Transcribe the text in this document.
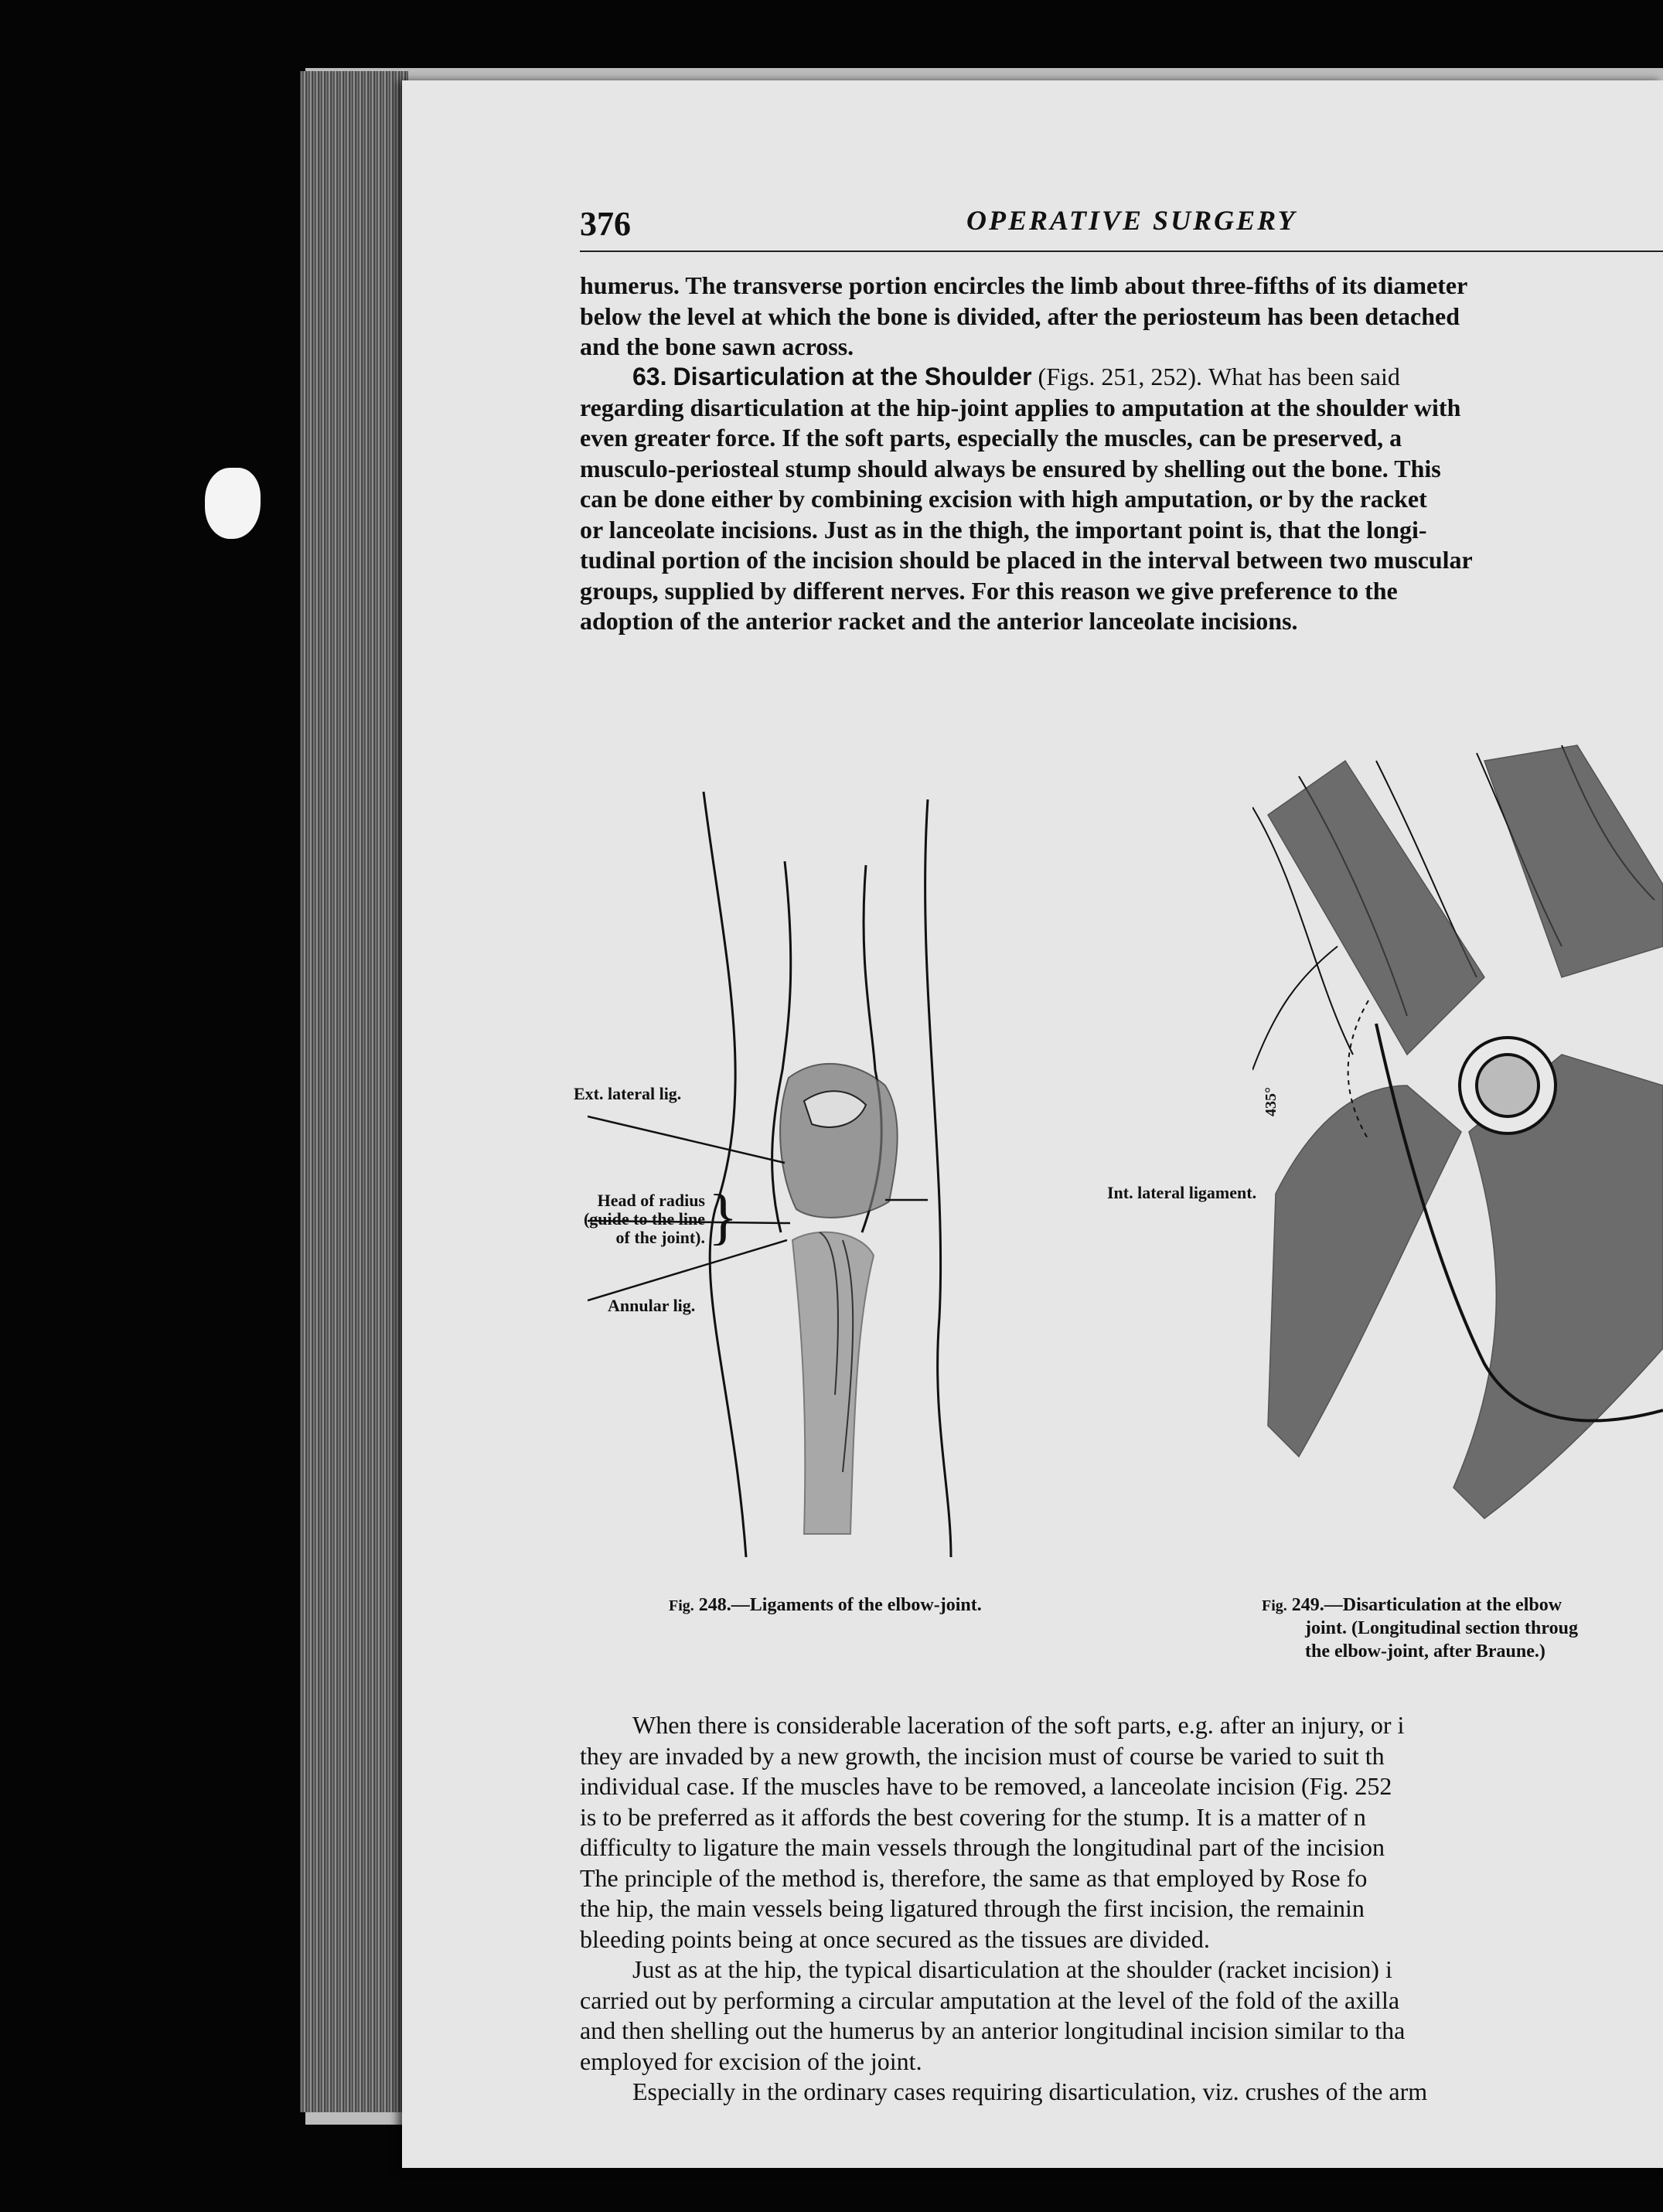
376	OPERATIVE SURGERY
humerus. The transverse portion encircles the limb about three-fifths of its diameter
below the level at which the bone is divided, after the periosteum has been detached
and the bone sawn across.
63. Disarticulation at the Shoulder (Figs. 251, 252). What has been said
regarding disarticulation at the hip-joint applies to amputation at the shoulder with
even greater force. If the soft parts, especially the muscles, can be preserved, a
musculo-periosteal stump should always be ensured by shelling out the bone. This
can be done either by combining excision with high amputation, or by the racket
or lanceolate incisions. Just as in the thigh, the important point is, that the longi-
tudinal portion of the incision should be placed in the interval between two muscular
groups, supplied by different nerves. For this reason we give preference to the
adoption of the anterior racket and the anterior lanceolate incisions.
Ext. lateral lig.
Head of radius
(guide to the line
of the joint). }
Annular lig.
Int. lateral ligament.
Fig. 248.—Ligaments of the elbow-joint.
435°
Fig. 249.—Disarticulation at the elbow
joint. (Longitudinal section throug
the elbow-joint, after Braune.)
When there is considerable laceration of the soft parts, e.g. after an injury, or i
they are invaded by a new growth, the incision must of course be varied to suit th
individual case. If the muscles have to be removed, a lanceolate incision (Fig. 252
is to be preferred as it affords the best covering for the stump. It is a matter of n
difficulty to ligature the main vessels through the longitudinal part of the incision
The principle of the method is, therefore, the same as that employed by Rose fo
the hip, the main vessels being ligatured through the first incision, the remainin
bleeding points being at once secured as the tissues are divided.
Just as at the hip, the typical disarticulation at the shoulder (racket incision) i
carried out by performing a circular amputation at the level of the fold of the axilla
and then shelling out the humerus by an anterior longitudinal incision similar to tha
employed for excision of the joint.
Especially in the ordinary cases requiring disarticulation, viz. crushes of the arm
